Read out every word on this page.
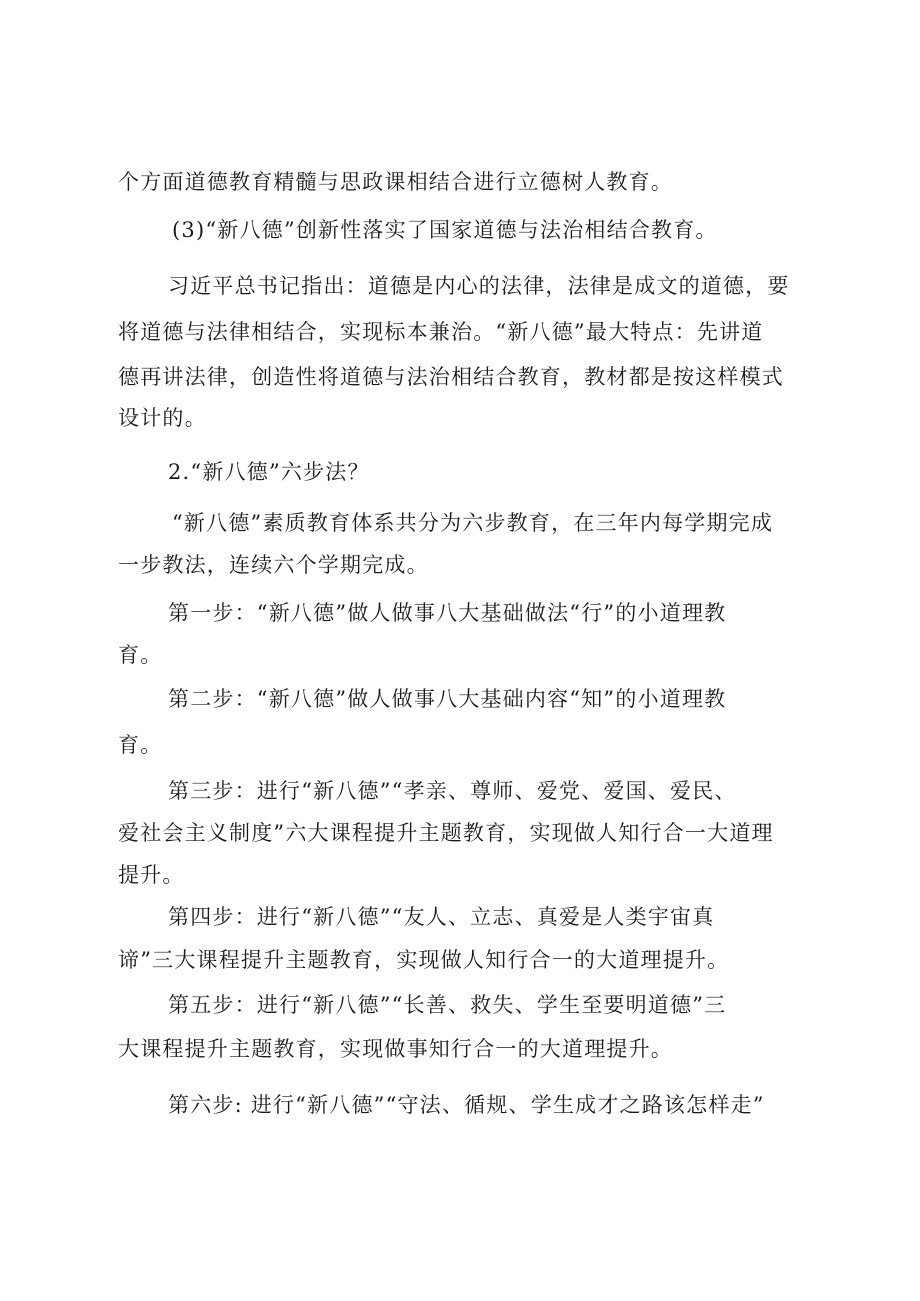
个方面道德教育精髓与思政课相结合进行立德树人教育。
(3)“新八德”创新性落实了国家道德与法治相结合教育。
习近平总书记指出：道德是内心的法律，法律是成文的道德，要
将道德与法律相结合，实现标本兼治。“新八德”最大特点：先讲道
德再讲法律，创造性将道德与法治相结合教育，教材都是按这样模式
设计的。
2.“新八德”六步法？
“新八德”素质教育体系共分为六步教育，在三年内每学期完成
一步教法，连续六个学期完成。
第一步：“新八德”做人做事八大基础做法“行”的小道理教
育。
第二步：“新八德”做人做事八大基础内容“知”的小道理教
育。
第三步：进行“新八德”“孝亲、尊师、爱党、爱国、爱民、
爱社会主义制度”六大课程提升主题教育，实现做人知行合一大道理
提升。
第四步：进行“新八德”“友人、立志、真爱是人类宇宙真
谛”三大课程提升主题教育，实现做人知行合一的大道理提升。
第五步：进行“新八德”“长善、救失、学生至要明道德”三
大课程提升主题教育，实现做事知行合一的大道理提升。
第六步: 进行“新八德”“守法、循规、学生成才之路该怎样走”
